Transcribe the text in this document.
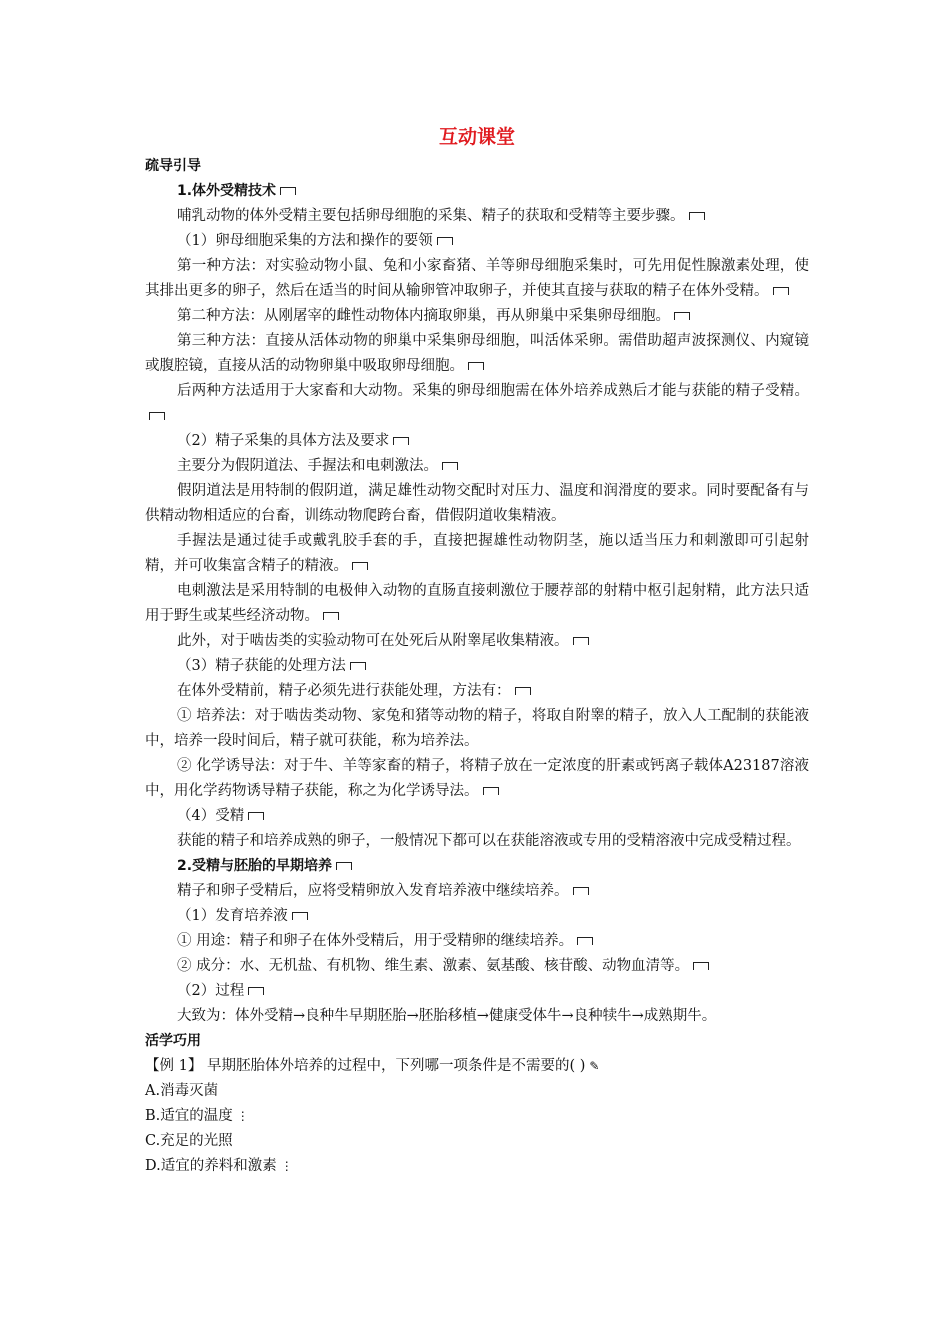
互动课堂
疏导引导
1.体外受精技术
哺乳动物的体外受精主要包括卵母细胞的采集、精子的获取和受精等主要步骤。
（1）卵母细胞采集的方法和操作的要领
第一种方法：对实验动物小鼠、兔和小家畜猪、羊等卵母细胞采集时，可先用促性腺激素处理，使其排出更多的卵子，然后在适当的时间从输卵管冲取卵子，并使其直接与获取的精子在体外受精。
第二种方法：从刚屠宰的雌性动物体内摘取卵巢，再从卵巢中采集卵母细胞。
第三种方法：直接从活体动物的卵巢中采集卵母细胞，叫活体采卵。需借助超声波探测仪、内窥镜或腹腔镜，直接从活的动物卵巢中吸取卵母细胞。
后两种方法适用于大家畜和大动物。采集的卵母细胞需在体外培养成熟后才能与获能的精子受精。
（2）精子采集的具体方法及要求
主要分为假阴道法、手握法和电刺激法。
假阴道法是用特制的假阴道，满足雄性动物交配时对压力、温度和润滑度的要求。同时要配备有与供精动物相适应的台畜，训练动物爬跨台畜，借假阴道收集精液。
手握法是通过徒手或戴乳胶手套的手，直接把握雄性动物阴茎，施以适当压力和刺激即可引起射精，并可收集富含精子的精液。
电刺激法是采用特制的电极伸入动物的直肠直接刺激位于腰荐部的射精中枢引起射精，此方法只适用于野生或某些经济动物。
此外，对于啮齿类的实验动物可在处死后从附睾尾收集精液。
（3）精子获能的处理方法
在体外受精前，精子必须先进行获能处理，方法有：
① 培养法：对于啮齿类动物、家兔和猪等动物的精子，将取自附睾的精子，放入人工配制的获能液中，培养一段时间后，精子就可获能，称为培养法。
② 化学诱导法：对于牛、羊等家畜的精子，将精子放在一定浓度的肝素或钙离子载体A23187溶液中，用化学药物诱导精子获能，称之为化学诱导法。
（4）受精
获能的精子和培养成熟的卵子，一般情况下都可以在获能溶液或专用的受精溶液中完成受精过程。
2.受精与胚胎的早期培养
精子和卵子受精后，应将受精卵放入发育培养液中继续培养。
（1）发育培养液
① 用途：精子和卵子在体外受精后，用于受精卵的继续培养。
② 成分：水、无机盐、有机物、维生素、激素、氨基酸、核苷酸、动物血清等。
（2）过程
大致为：体外受精→良种牛早期胚胎→胚胎移植→健康受体牛→良种犊牛→成熟期牛。
活学巧用
【例 1】 早期胚胎体外培养的过程中，下列哪一项条件是不需要的( ) ✎
A.消毒灭菌
B.适宜的温度 ⋮
C.充足的光照
D.适宜的养料和激素 ⋮
